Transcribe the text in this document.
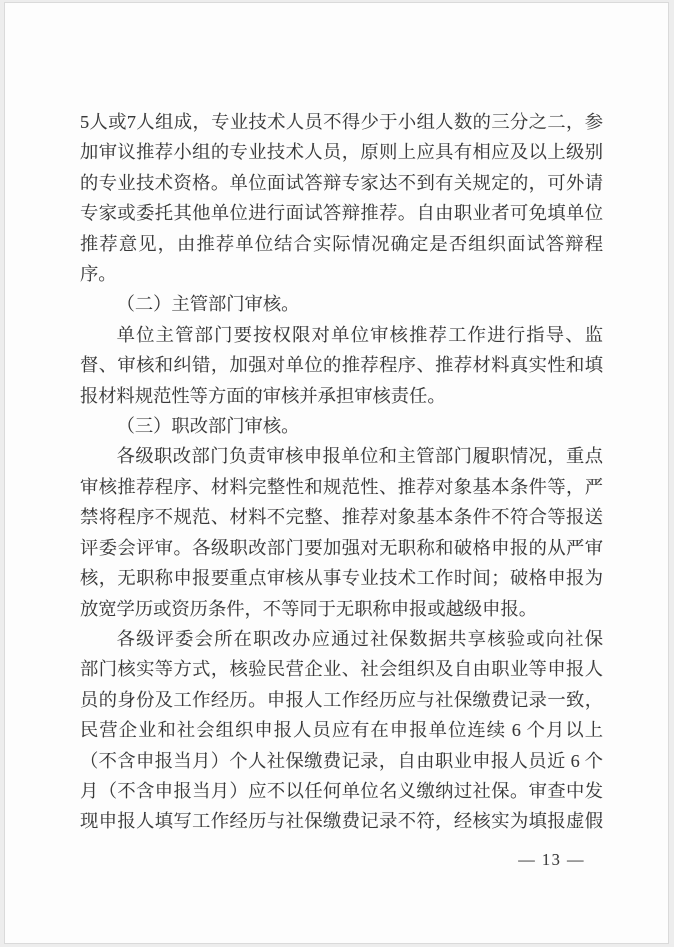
5人或7人组成，专业技术人员不得少于小组人数的三分之二，参
加审议推荐小组的专业技术人员，原则上应具有相应及以上级别
的专业技术资格。单位面试答辩专家达不到有关规定的，可外请
专家或委托其他单位进行面试答辩推荐。自由职业者可免填单位
推荐意见，由推荐单位结合实际情况确定是否组织面试答辩程
序。
（二）主管部门审核。
单位主管部门要按权限对单位审核推荐工作进行指导、监
督、审核和纠错，加强对单位的推荐程序、推荐材料真实性和填
报材料规范性等方面的审核并承担审核责任。
（三）职改部门审核。
各级职改部门负责审核申报单位和主管部门履职情况，重点
审核推荐程序、材料完整性和规范性、推荐对象基本条件等，严
禁将程序不规范、材料不完整、推荐对象基本条件不符合等报送
评委会评审。各级职改部门要加强对无职称和破格申报的从严审
核，无职称申报要重点审核从事专业技术工作时间；破格申报为
放宽学历或资历条件，不等同于无职称申报或越级申报。
各级评委会所在职改办应通过社保数据共享核验或向社保
部门核实等方式，核验民营企业、社会组织及自由职业等申报人
员的身份及工作经历。申报人工作经历应与社保缴费记录一致，
民营企业和社会组织申报人员应有在申报单位连续 6 个月以上
（不含申报当月）个人社保缴费记录，自由职业申报人员近 6 个
月（不含申报当月）应不以任何单位名义缴纳过社保。审查中发
现申报人填写工作经历与社保缴费记录不符，经核实为填报虚假
— 13 —
